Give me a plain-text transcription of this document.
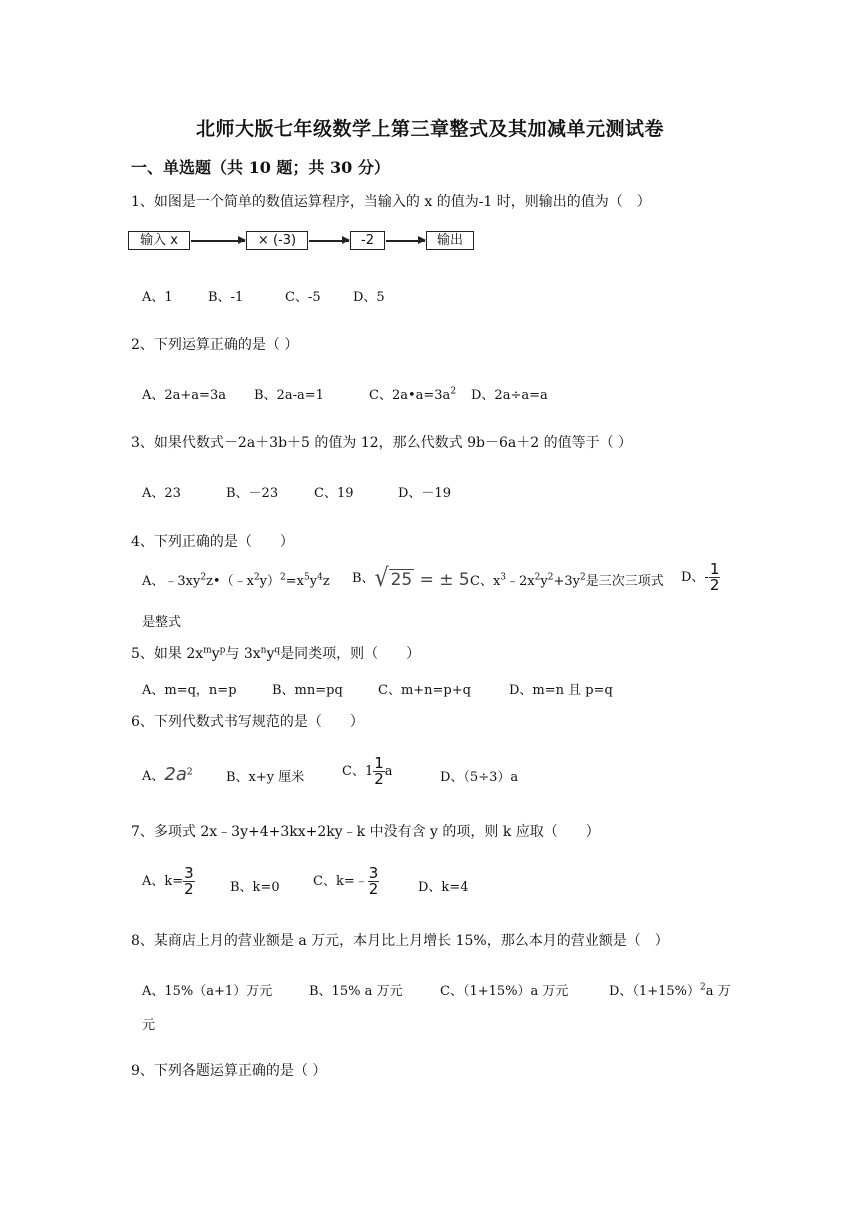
北师大版七年级数学上第三章整式及其加减单元测试卷
一、单选题（共 10 题；共 30 分）
1、如图是一个简单的数值运算程序，当输入的 x 的值为-1 时，则输出的值为（　）
输入 x	× (-3)	-2	输出
A、1	B、-1	C、-5 D、5
2、下列运算正确的是（ ）
A、2a+a=3a B、2a-a=1	C、$2a•a=3a^2$ D、2a÷a=a
3、如果代数式－2a＋3b＋5 的值为 12，那么代数式 9b－6a＋2 的值等于（ ）
A、23	B、－23	C、19	D、－19
4、下列正确的是（　　）
A、$﹣3xy^2z•(﹣x^2y)^2=x^5y^4z$ B、√ 25 = ± 5 C、$x^3﹣2x^2y^2+3y^2$是三次三项式 D、- $\frac{1}{2}$
是整式
5、如果 $2x^my^p$与 $3x^ny^q$是同类项，则（　　）
A、m=q，n=p	B、mn=pq	C、m+n=p+q	D、m=n 且 p=q
6、下列代数式书写规范的是（　　）
A、$2a^2$	B、x+y 厘米	C、$1 \frac{1}{2}$ a	D、（5÷3）a
7、多项式 2x﹣3y+4+3kx+2ky﹣k 中没有含 y 的项，则 k 应取（　　）
A、$k= \frac{3}{2}$	B、k=0	C、k=﹣ $\frac{3}{2}$	D、k=4
8、某商店上月的营业额是 a 万元，本月比上月增长 15%，那么本月的营业额是（　）
A、15%（a+1）万元	B、15% a 万元	C、（1+15%）a 万元	D、$(1+15\%)^2a$ 万
元
9、下列各题运算正确的是（ ）
